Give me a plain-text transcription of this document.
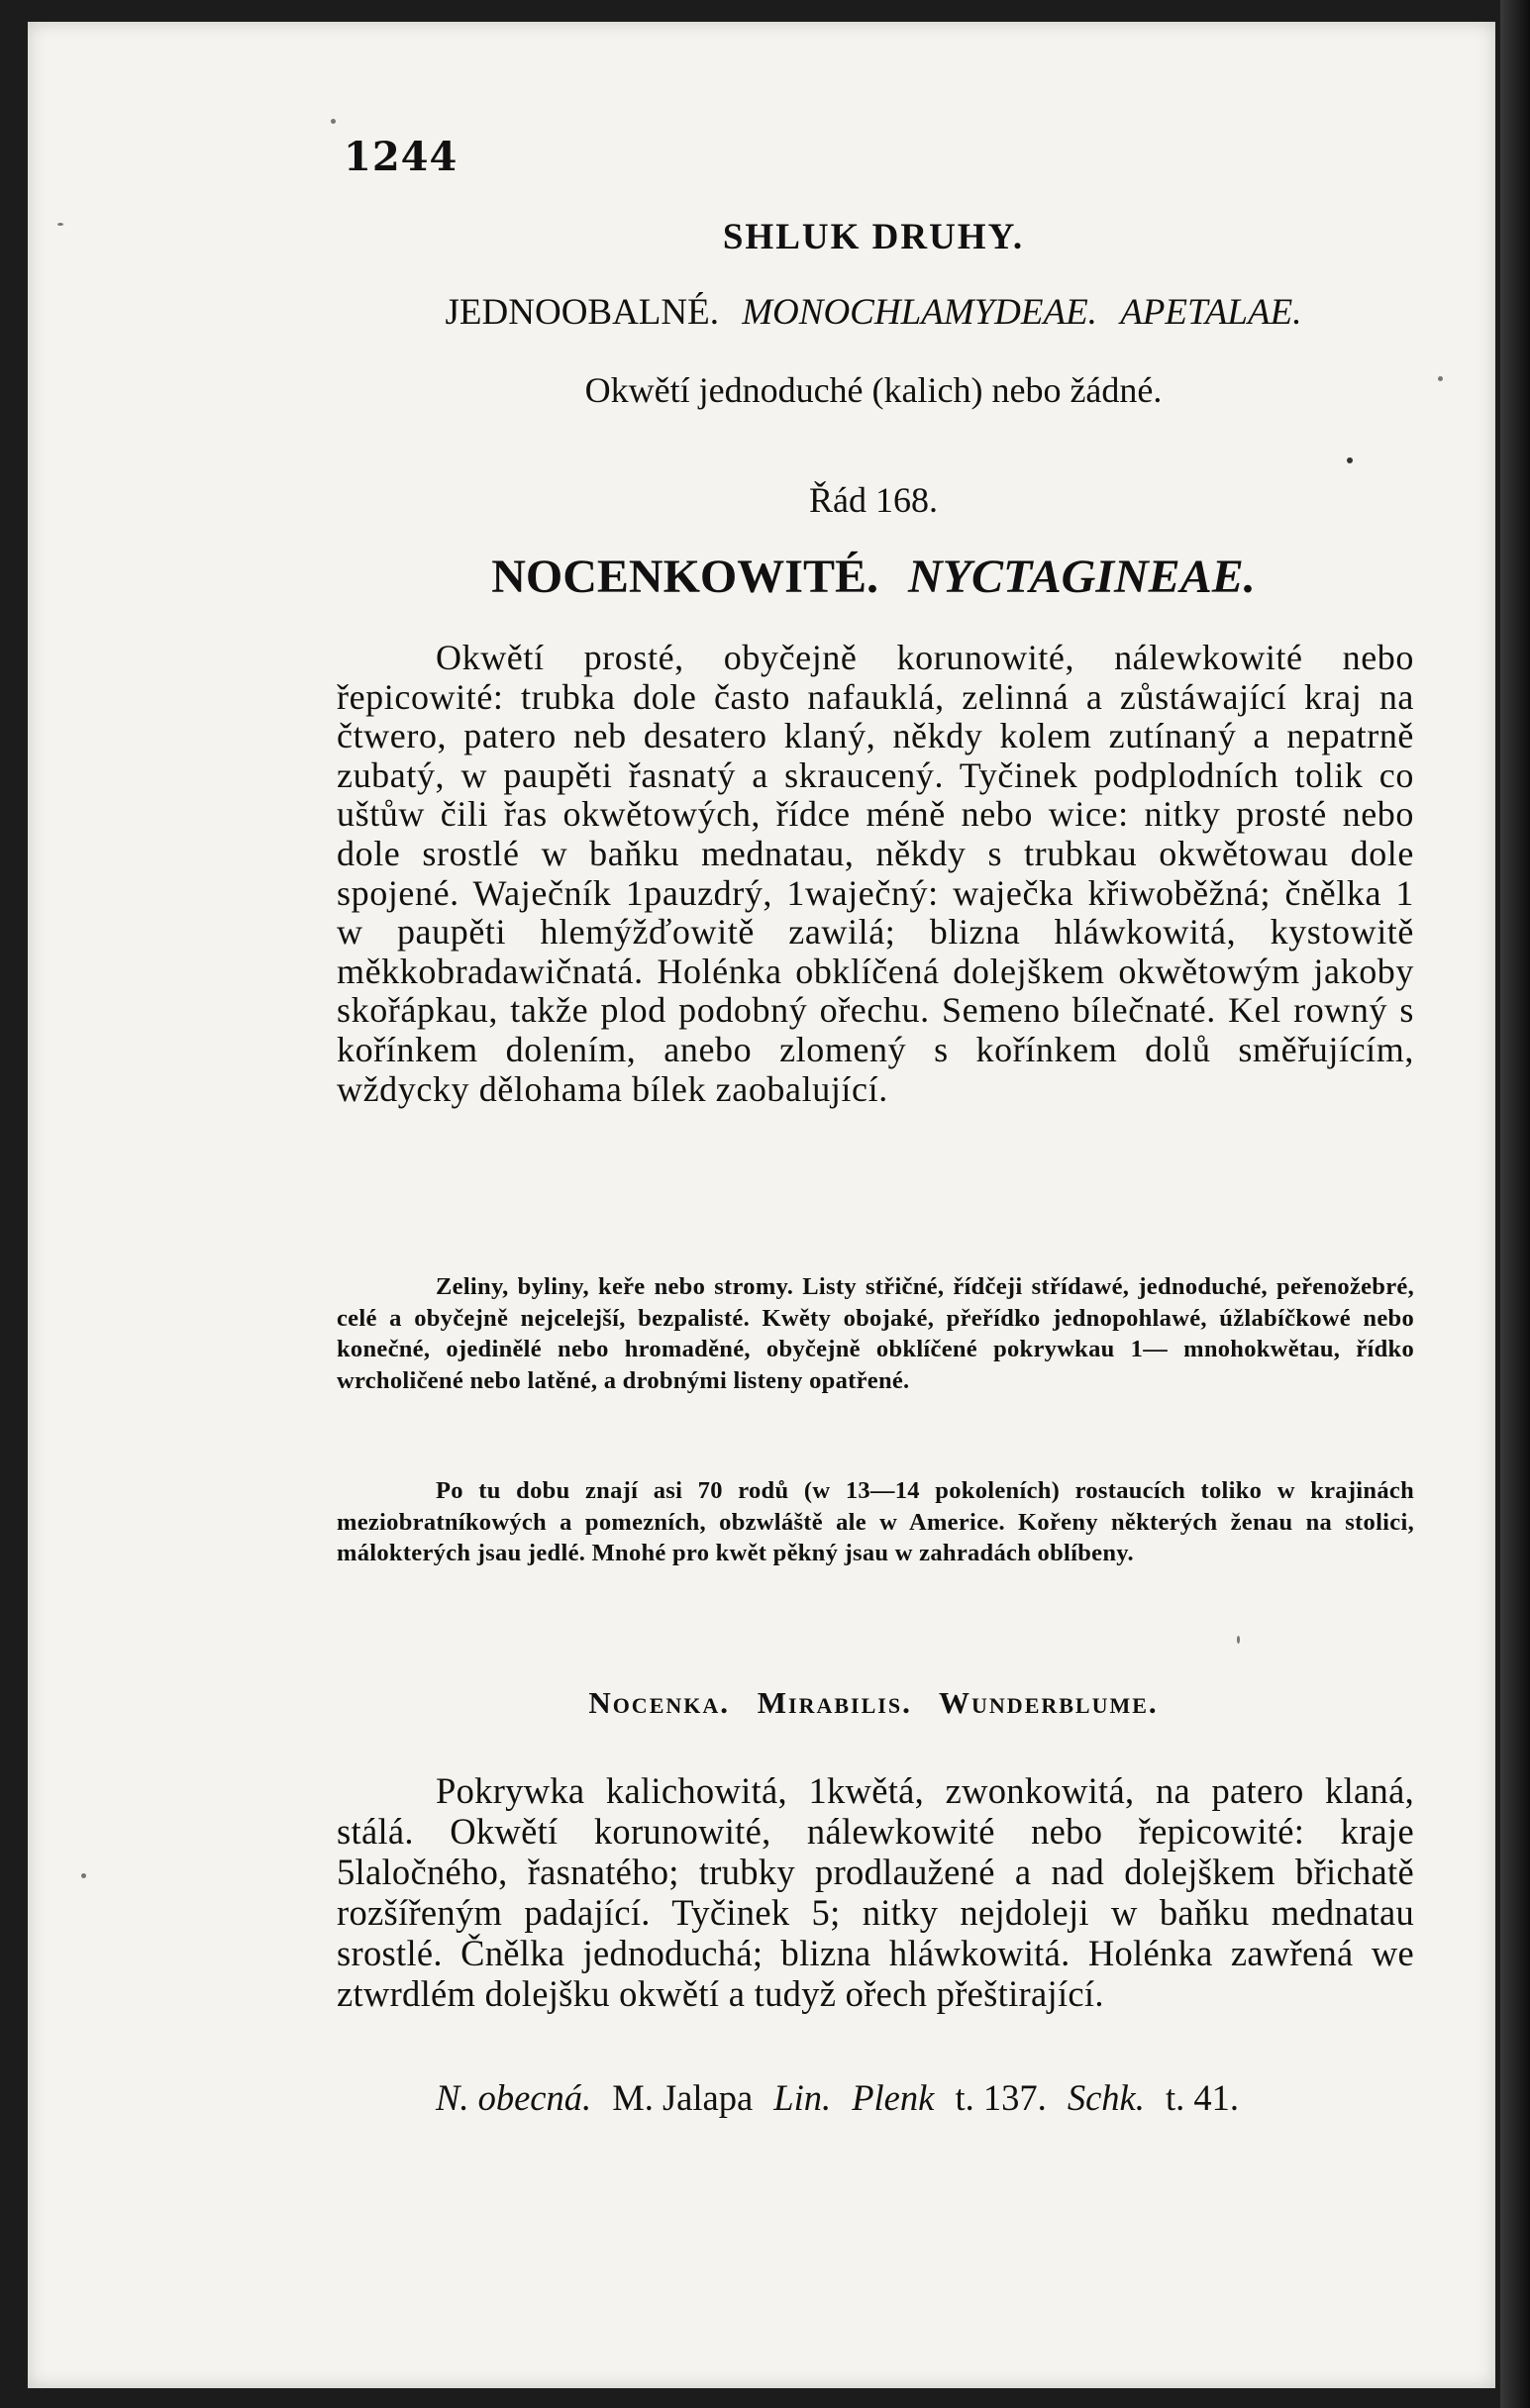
1244
SHLUK DRUHY.
JEDNOOBALNÉ. MONOCHLAMYDEAE. APETALAE.
Okwětí jednoduché (kalich) nebo žádné.
Řád 168.
NOCENKOWITÉ. NYCTAGINEAE.
Okwětí prosté, obyčejně korunowité, nálewkowité nebo řepicowité: trubka dole často nafauklá, zelinná a zůstáwající kraj na čtwero, patero neb desatero klaný, někdy kolem zutínaný a nepatrně zubatý, w paupěti řasnatý a skraucený. Tyčinek podplodních tolik co uštůw čili řas okwětowých, řídce méně nebo wice: nitky prosté nebo dole srostlé w baňku mednatau, někdy s trubkau okwětowau dole spojené. Waječník 1pauzdrý, 1waječný: waječka křiwoběžná; čnělka 1 w paupěti hlemýžďowitě zawilá; blizna hláwkowitá, kystowitě měkkobradawičnatá. Holénka obklíčená dolejškem okwětowým jakoby skořápkau, takže plod podobný ořechu. Semeno bílečnaté. Kel rowný s kořínkem dolením, anebo zlomený s kořínkem dolů směřujícím, wždycky dělohama bílek zaobalující.
Zeliny, byliny, keře nebo stromy. Listy střičné, řídčeji střídawé, jednoduché, peřenožebré, celé a obyčejně nejcelejší, bezpalisté. Kwěty obojaké, přeřídko jednopohlawé, úžlabíčkowé nebo konečné, ojedinělé nebo hromaděné, obyčejně obklíčené pokrywkau 1— mnohokwětau, řídko wrcholičené nebo latěné, a drobnými listeny opatřené.
Po tu dobu znají asi 70 rodů (w 13—14 pokoleních) rostaucích toliko w krajinách meziobratníkowých a pomezních, obzwláště ale w Americe. Kořeny některých ženau na stolici, málokterých jsau jedlé. Mnohé pro kwět pěkný jsau w zahradách oblíbeny.
Nocenka. Mirabilis. Wunderblume.
Pokrywka kalichowitá, 1kwětá, zwonkowitá, na patero klaná, stálá. Okwětí korunowité, nálewkowité nebo řepicowité: kraje 5laločného, řasnatého; trubky prodlaužené a nad dolejškem břichatě rozšířeným padající. Tyčinek 5; nitky nejdoleji w baňku mednatau srostlé. Čnělka jednoduchá; blizna hláwkowitá. Holénka zawřená we ztwrdlém dolejšku okwětí a tudyž ořech přeštirající.
N. obecná. M. Jalapa Lin. Plenk t. 137. Schk. t. 41.
